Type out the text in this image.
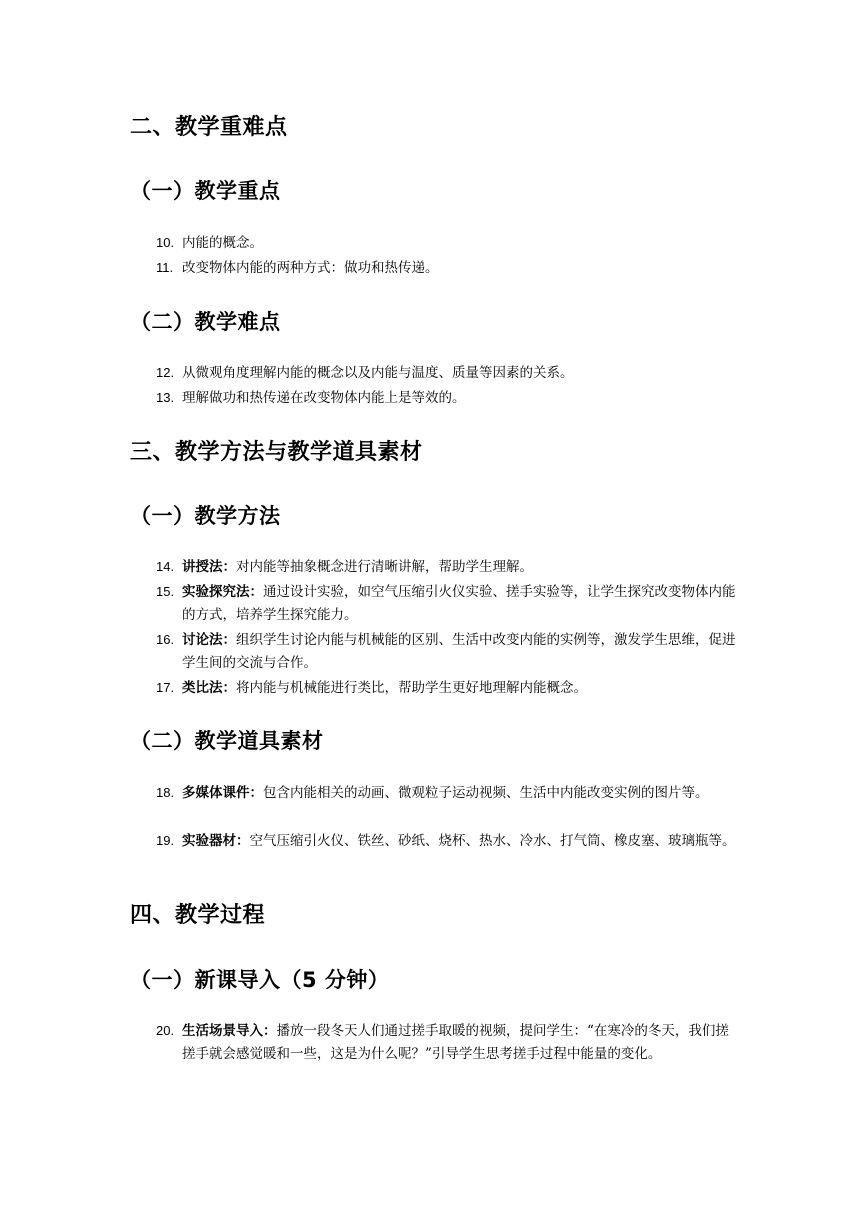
二、教学重难点
（一）教学重点
10. 内能的概念。
11. 改变物体内能的两种方式：做功和热传递。
（二）教学难点
12. 从微观角度理解内能的概念以及内能与温度、质量等因素的关系。
13. 理解做功和热传递在改变物体内能上是等效的。
三、教学方法与教学道具素材
（一）教学方法
14. 讲授法：对内能等抽象概念进行清晰讲解，帮助学生理解。
15. 实验探究法：通过设计实验，如空气压缩引火仪实验、搓手实验等，让学生探究改变物体内能的方式，培养学生探究能力。
16. 讨论法：组织学生讨论内能与机械能的区别、生活中改变内能的实例等，激发学生思维，促进学生间的交流与合作。
17. 类比法：将内能与机械能进行类比，帮助学生更好地理解内能概念。
（二）教学道具素材
18. 多媒体课件：包含内能相关的动画、微观粒子运动视频、生活中内能改变实例的图片等。
19. 实验器材：空气压缩引火仪、铁丝、砂纸、烧杯、热水、冷水、打气筒、橡皮塞、玻璃瓶等。
四、教学过程
（一）新课导入（5 分钟）
20. 生活场景导入：播放一段冬天人们通过搓手取暖的视频，提问学生：“在寒冷的冬天，我们搓搓手就会感觉暖和一些，这是为什么呢？”引导学生思考搓手过程中能量的变化。
